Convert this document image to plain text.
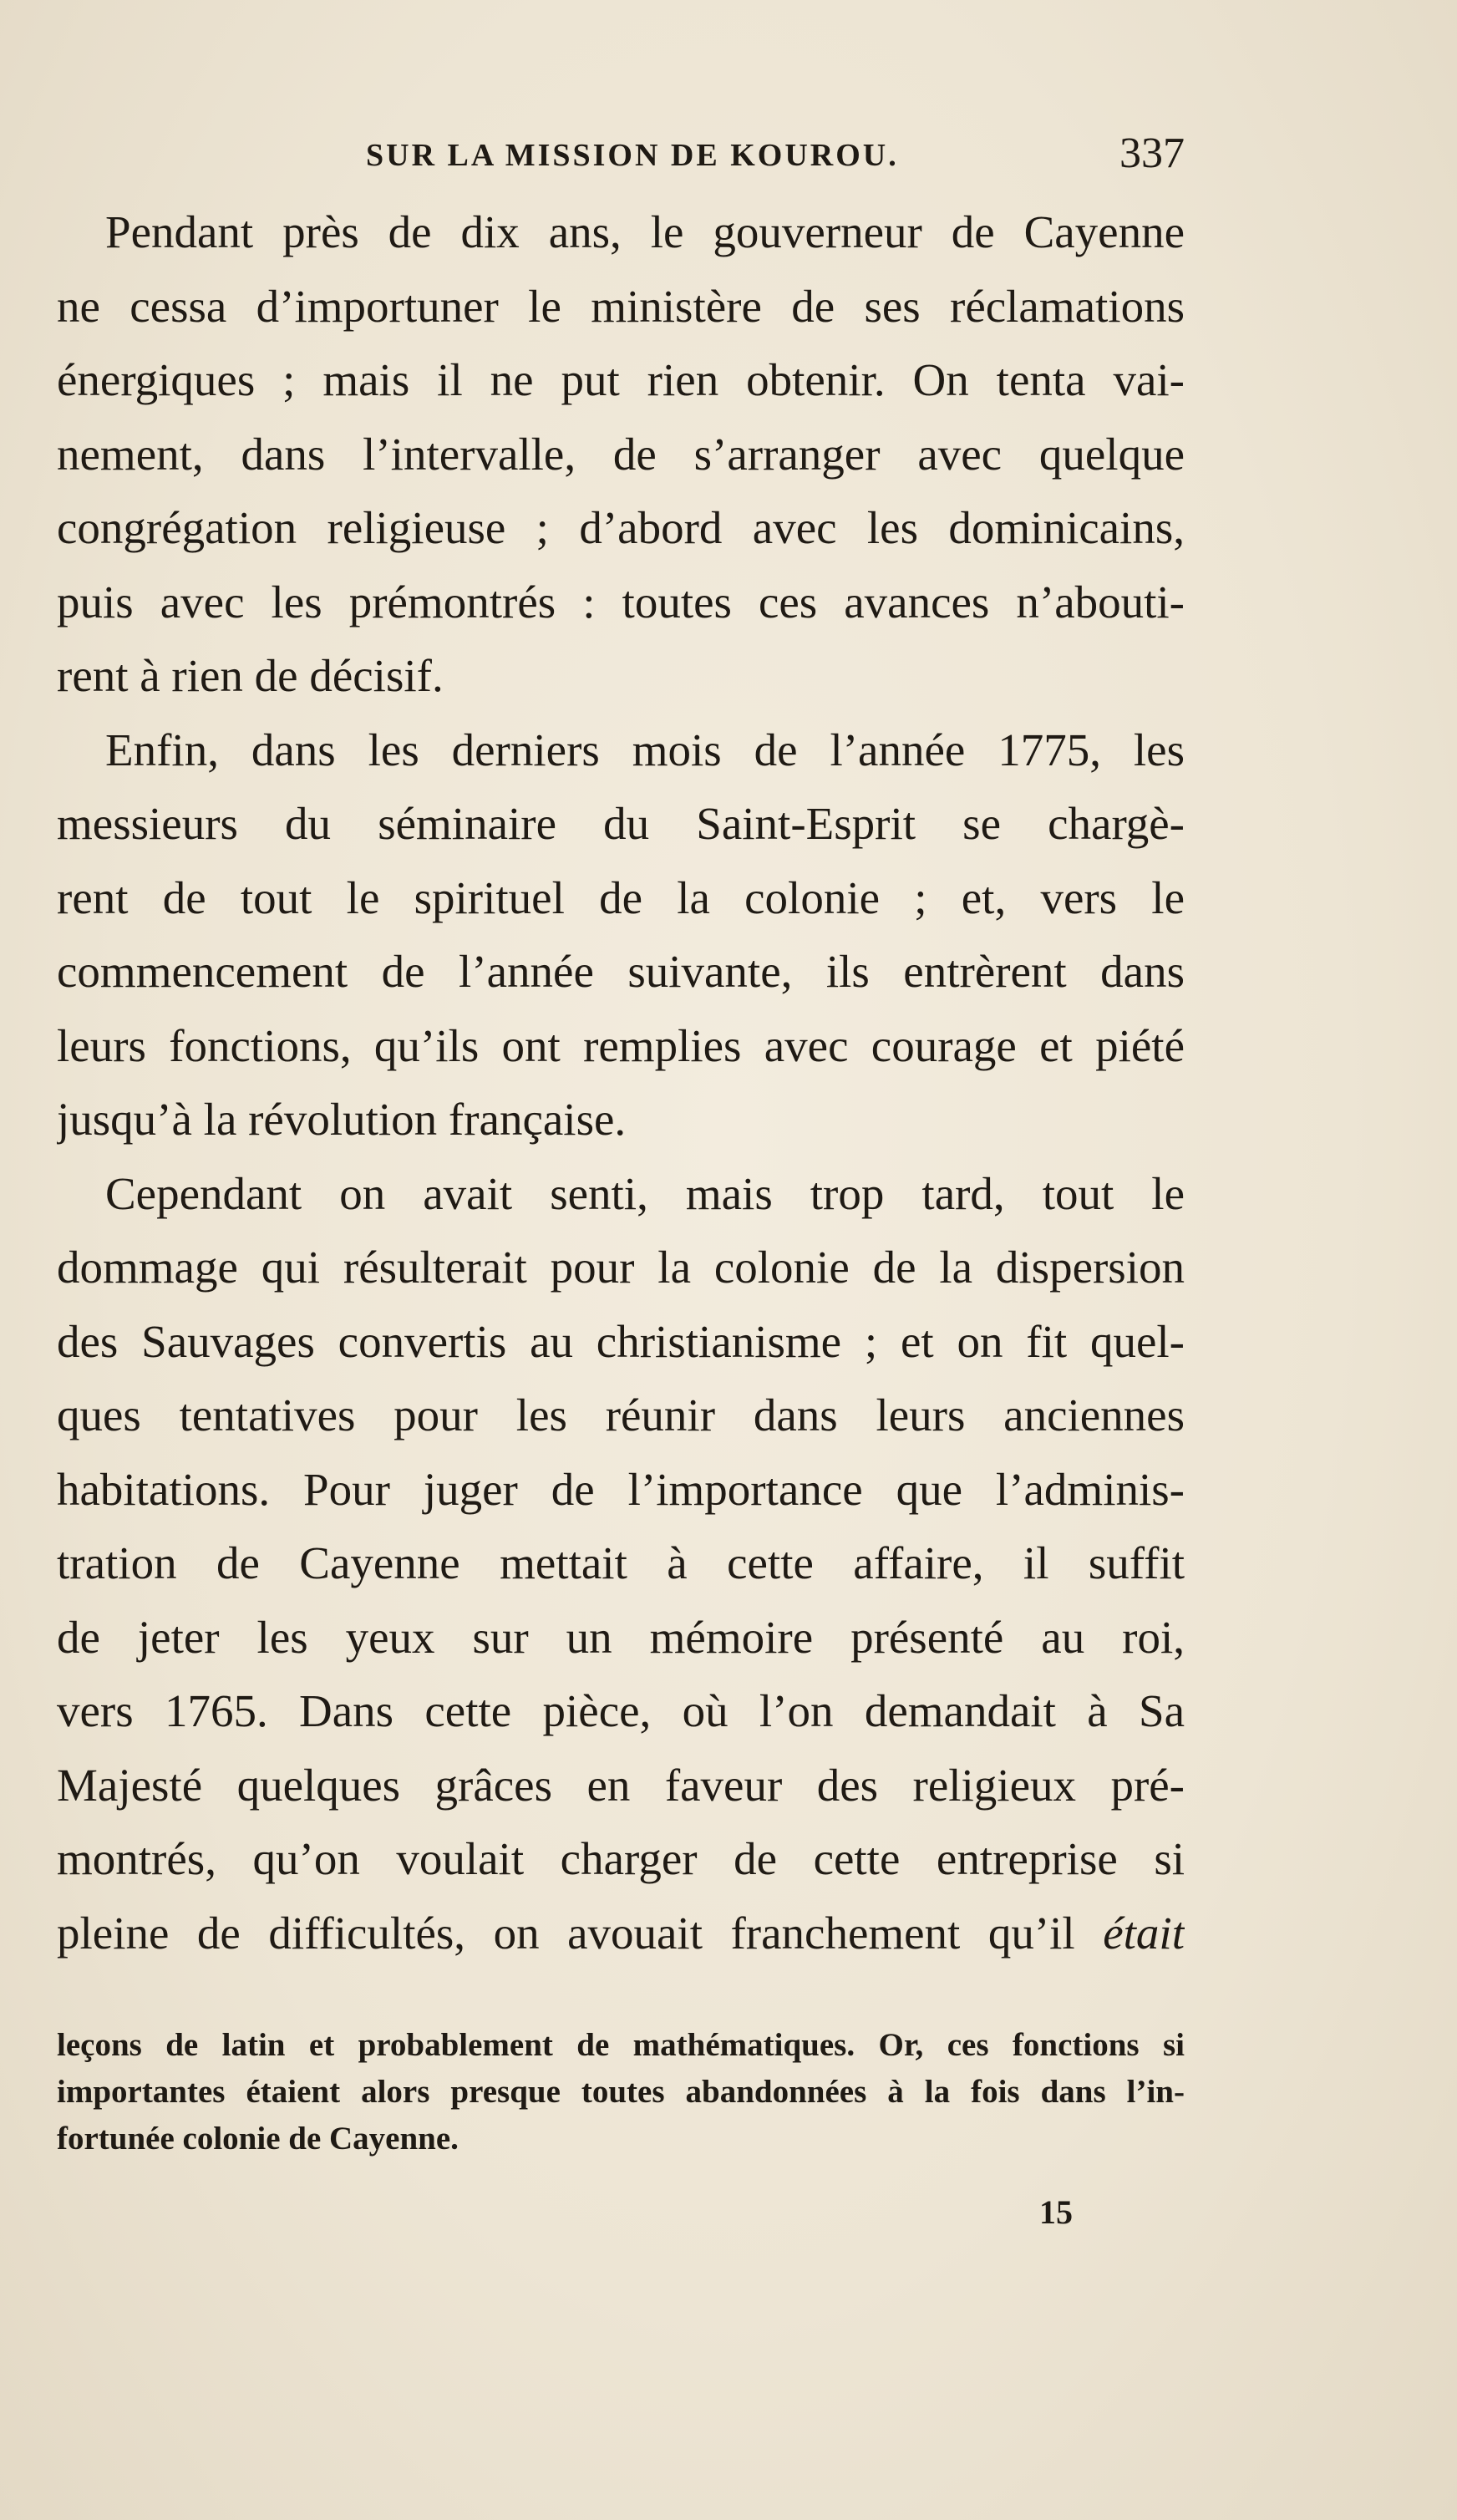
SUR LA MISSION DE KOUROU.	337
Pendant près de dix ans, le gouverneur de Cayenne
ne cessa d’importuner le ministère de ses réclamations
énergiques ; mais il ne put rien obtenir. On tenta vai-
nement, dans l’intervalle, de s’arranger avec quelque
congrégation religieuse ; d’abord avec les dominicains,
puis avec les prémontrés : toutes ces avances n’abouti-
rent à rien de décisif.
Enfin, dans les derniers mois de l’année 1775, les
messieurs du séminaire du Saint-Esprit se chargè-
rent de tout le spirituel de la colonie ; et, vers le
commencement de l’année suivante, ils entrèrent dans
leurs fonctions, qu’ils ont remplies avec courage et piété
jusqu’à la révolution française.
Cependant on avait senti, mais trop tard, tout le
dommage qui résulterait pour la colonie de la dispersion
des Sauvages convertis au christianisme ; et on fit quel-
ques tentatives pour les réunir dans leurs anciennes
habitations. Pour juger de l’importance que l’adminis-
tration de Cayenne mettait à cette affaire, il suffit
de jeter les yeux sur un mémoire présenté au roi,
vers 1765. Dans cette pièce, où l’on demandait à Sa
Majesté quelques grâces en faveur des religieux pré-
montrés, qu’on voulait charger de cette entreprise si
pleine de difficultés, on avouait franchement qu’il était
leçons de latin et probablement de mathématiques. Or, ces fonctions si
importantes étaient alors presque toutes abandonnées à la fois dans l’in-
fortunée colonie de Cayenne.
15
